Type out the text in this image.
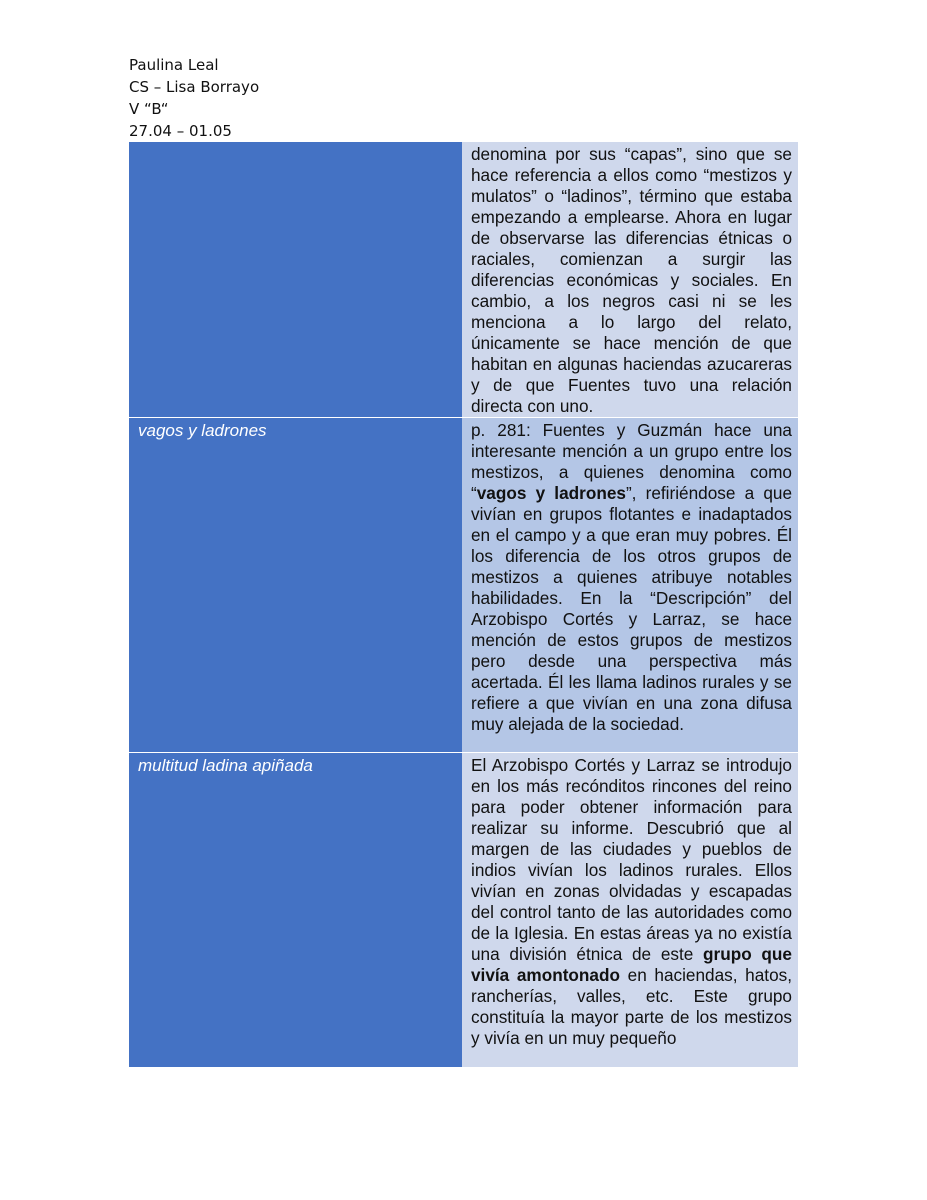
Paulina Leal
CS – Lisa Borrayo
V “B“
27.04 – 01.05

	denomina por sus “capas”, sino que se hace referencia a ellos como “mestizos y mulatos” o “ladinos”, término que estaba empezando a emplearse. Ahora en lugar de observarse las diferencias étnicas o raciales, comienzan a surgir las diferencias económicas y sociales. En cambio, a los negros casi ni se les menciona a lo largo del relato, únicamente se hace mención de que habitan en algunas haciendas azucareras y de que Fuentes tuvo una relación directa con uno.

vagos y ladrones	p. 281: Fuentes y Guzmán hace una interesante mención a un grupo entre los mestizos, a quienes denomina como “vagos y ladrones”, refiriéndose a que vivían en grupos flotantes e inadaptados en el campo y a que eran muy pobres. Él los diferencia de los otros grupos de mestizos a quienes atribuye notables habilidades. En la “Descripción” del Arzobispo Cortés y Larraz, se hace mención de estos grupos de mestizos pero desde una perspectiva más acertada. Él les llama ladinos rurales y se refiere a que vivían en una zona difusa muy alejada de la sociedad.

multitud ladina apiñada	El Arzobispo Cortés y Larraz se introdujo en los más recónditos rincones del reino para poder obtener información para realizar su informe. Descubrió que al margen de las ciudades y pueblos de indios vivían los ladinos rurales. Ellos vivían en zonas olvidadas y escapadas del control tanto de las autoridades como de la Iglesia. En estas áreas ya no existía una división étnica de este grupo que vivía amontonado en haciendas, hatos, rancherías, valles, etc. Este grupo constituía la mayor parte de los mestizos y vivía en un muy pequeño
